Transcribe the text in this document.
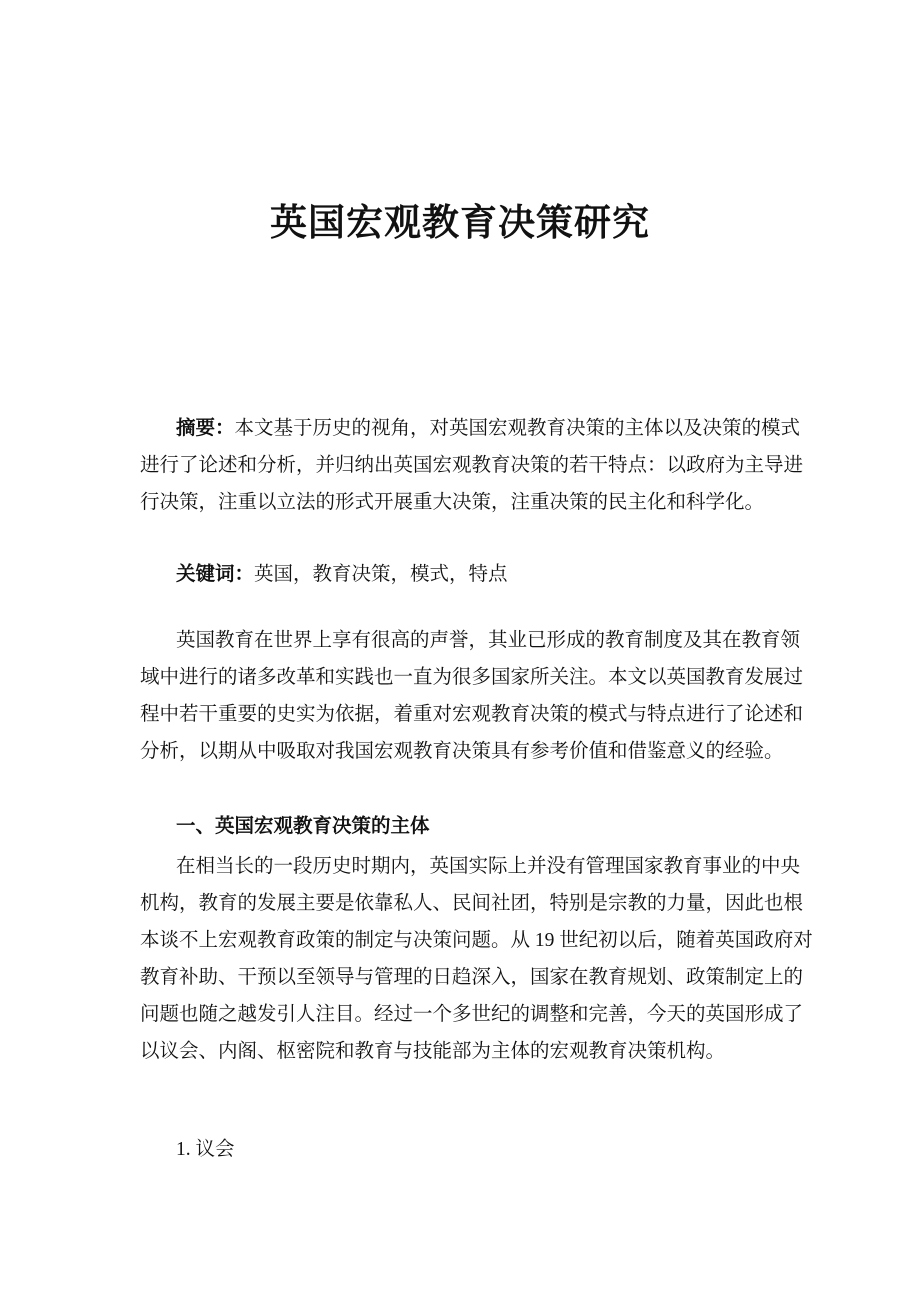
英国宏观教育决策研究
摘要：本文基于历史的视角，对英国宏观教育决策的主体以及决策的模式
进行了论述和分析，并归纳出英国宏观教育决策的若干特点：以政府为主导进
行决策，注重以立法的形式开展重大决策，注重决策的民主化和科学化。
关键词：英国，教育决策，模式，特点
英国教育在世界上享有很高的声誉，其业已形成的教育制度及其在教育领
域中进行的诸多改革和实践也一直为很多国家所关注。本文以英国教育发展过
程中若干重要的史实为依据，着重对宏观教育决策的模式与特点进行了论述和
分析，以期从中吸取对我国宏观教育决策具有参考价值和借鉴意义的经验。
一、英国宏观教育决策的主体
在相当长的一段历史时期内，英国实际上并没有管理国家教育事业的中央
机构，教育的发展主要是依靠私人、民间社团，特别是宗教的力量，因此也根
本谈不上宏观教育政策的制定与决策问题。从 19 世纪初以后，随着英国政府对
教育补助、干预以至领导与管理的日趋深入，国家在教育规划、政策制定上的
问题也随之越发引人注目。经过一个多世纪的调整和完善，今天的英国形成了
以议会、内阁、枢密院和教育与技能部为主体的宏观教育决策机构。
1. 议会
